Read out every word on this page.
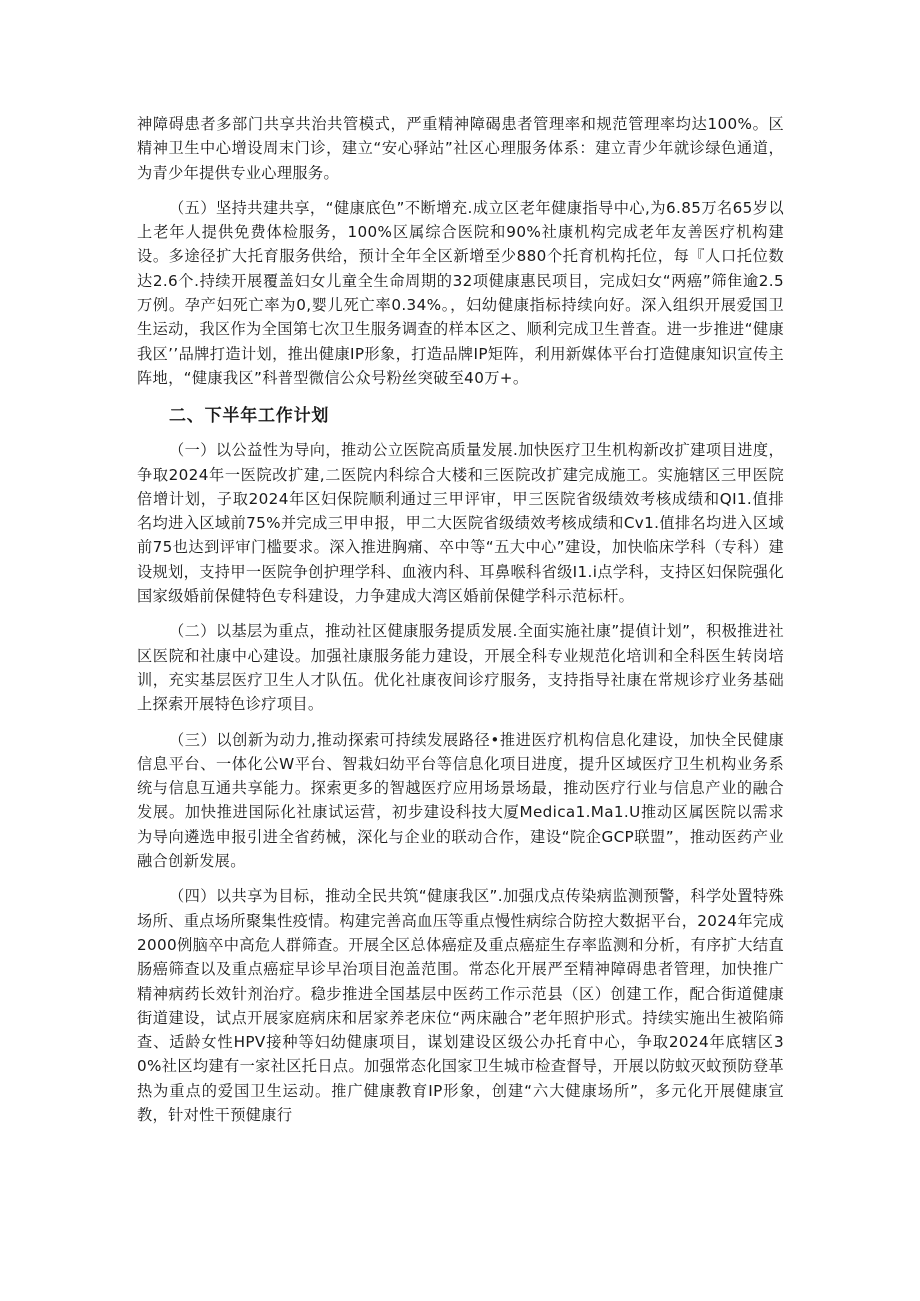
神障碍患者多部门共享共治共管模式，严重精神障碣患者管理率和规范管理率均达100%。区精神卫生中心增设周末门诊，建立“安心驿站”社区心理服务体系：建立青少年就诊绿色通道，为青少年提供专业心理服务。

（五）坚持共建共享，“健康底色”不断增充.成立区老年健康指导中心,为6.85万名65岁以上老年人提供免费体检服务，100%区属综合医院和90%社康机构完成老年友善医疗机构建设。多途径扩大托育服务供给，预计全年全区新增至少880个托育机构托位，每『人口托位数达2.6个.持续开展覆盖妇女儿童全生命周期的32项健康惠民项目，完成妇女“两癌”筛隹逾2.5万例。孕产妇死亡率为0,婴儿死亡率0.34%。，妇幼健康指标持续向好。深入组织开展爱国卫生运动，我区作为全国第七次卫生服务调查的样本区之、顺利完成卫生普查。进一步推进“健康我区’’品牌打造计划，推出健康IP形象，打造品牌IP矩阵，利用新媒体平台打造健康知识宣传主阵地，“健康我区”科普型微信公众号粉丝突破至40万+。

二、下半年工作计划

（一）以公益性为导向，推动公立医院高质量发展.加快医疗卫生机构新改扩建项目进度，争取2024年一医院改扩建,二医院内科综合大楼和三医院改扩建完成施工。实施辖区三甲医院倍增计划，子取2024年区妇保院顺利通过三甲评审，甲三医院省级绩效考核成绩和QI1.值排名均进入区域前75%并完成三甲申报，甲二大医院省级绩效考核成绩和Cv1.值排名均进入区域前75也达到评审门槛要求。深入推进胸痛、卒中等“五大中心”建设，加快临床学科（专科）建设规划，支持甲一医院争创护理学科、血液内科、耳鼻喉科省级I1.i点学科，支持区妇保院强化国家级婚前保健特色专科建设，力争建成大湾区婚前保健学科示范标杆。

（二）以基层为重点，推动社区健康服务提质发展.全面实施社康”提偵计划”，积极推进社区医院和社康中心建设。加强社康服务能力建设，开展全科专业规范化培训和全科医生转岗培训，充实基层医疗卫生人才队伍。优化社康夜间诊疗服务，支持指导社康在常规诊疗业务基础上探索开展特色诊疗项目。

（三）以创新为动力,推动探索可持续发展路径•推进医疗机构信息化建设，加快全民健康信息平台、一体化公W平台、智栽妇幼平台等信息化项目进度，提升区域医疗卫生机构业务系统与信息互通共享能力。探索更多的智越医疗应用场景场最，推动医疗行业与信息产业的融合发展。加快推进国际化社康试运营，初步建设科技大厦Medica1.Ma1.U推动区属医院以需求为导向遴选申报引进全省药械，深化与企业的联动合作，建设“院企GCP联盟”，推动医药产业融合创新发展。

（四）以共享为目标，推动全民共筑“健康我区”.加强戊点传染病监测预警，科学处置特殊场所、重点场所聚集性疫情。构建完善高血压等重点慢性病综合防控大数据平台，2024年完成2000例脑卒中高危人群筛查。开展全区总体癌症及重点癌症生存率监测和分析，有序扩大结直肠癌筛查以及重点癌症早诊早治项目泡盖范围。常态化开展严至精神障碍患者管理，加快推广精神病药长效针剂治疗。稳步推进全国基层中医药工作示范县（区）创建工作，配合街道健康街道建设，试点开展家庭病床和居家养老床位“两床融合”老年照护形式。持续实施出生被陷筛查、适龄女性HPV接种等妇幼健康项目，谋划建设区级公办托育中心，争取2024年底辖区30%社区均建有一家社区托日点。加强常态化国家卫生城市检查督导，开展以防蚊灭蚊预防登革热为重点的爱国卫生运动。推广健康教育IP形象，创建“六大健康场所”，多元化开展健康宣教，针对性干预健康行
